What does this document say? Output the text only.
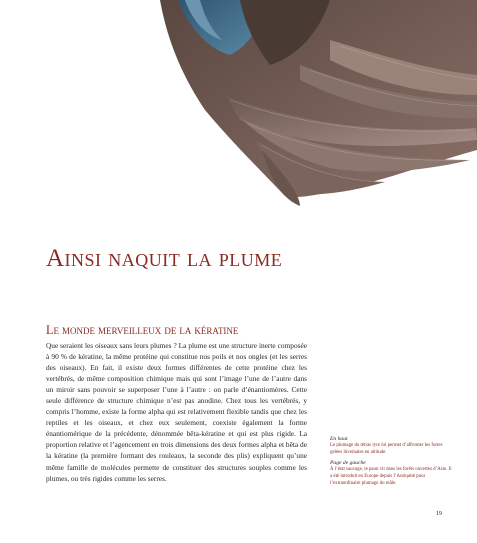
Ainsi naquit la plume
Le monde merveilleux de la kératine

Que seraient les oiseaux sans leurs plumes ? La plume est une structure inerte composée à 90 % de kératine, la même protéine qui constitue nos poils et nos ongles (et les serres des oiseaux). En fait, il existe deux formes différentes de cette protéine chez les vertébrés, de même composition chimique mais qui sont l’image l’une de l’autre dans un miroir sans pouvoir se superposer l’une à l’autre : on parle d’énantiomères. Cette seule différence de structure chimique n’est pas anodine. Chez tous les vertébrés, y compris l’homme, existe la forme alpha qui est relativement flexible tandis que chez les reptiles et les oiseaux, et chez eux seulement, coexiste également la forme énantiomérique de la précédente, dénommée bêta-kératine et qui est plus rigide. La proportion relative et l’agencement en trois dimensions des deux formes alpha et bêta de la kératine (la première formant des rouleaux, la seconde des plis) expliquent qu’une même famille de molécules permette de constituer des structures souples comme les plumes, ou très rigides comme les serres.

En haut

Le plumage du tétras lyre lui permet d’affronter les fortes gelées hivernales en altitude.

Page de gauche

À l’état sauvage, le paon vit dans les forêts ouvertes d’Asie. Il a été introduit en Europe depuis l’Antiquité pour l’extraordinaire plumage du mâle.

19
